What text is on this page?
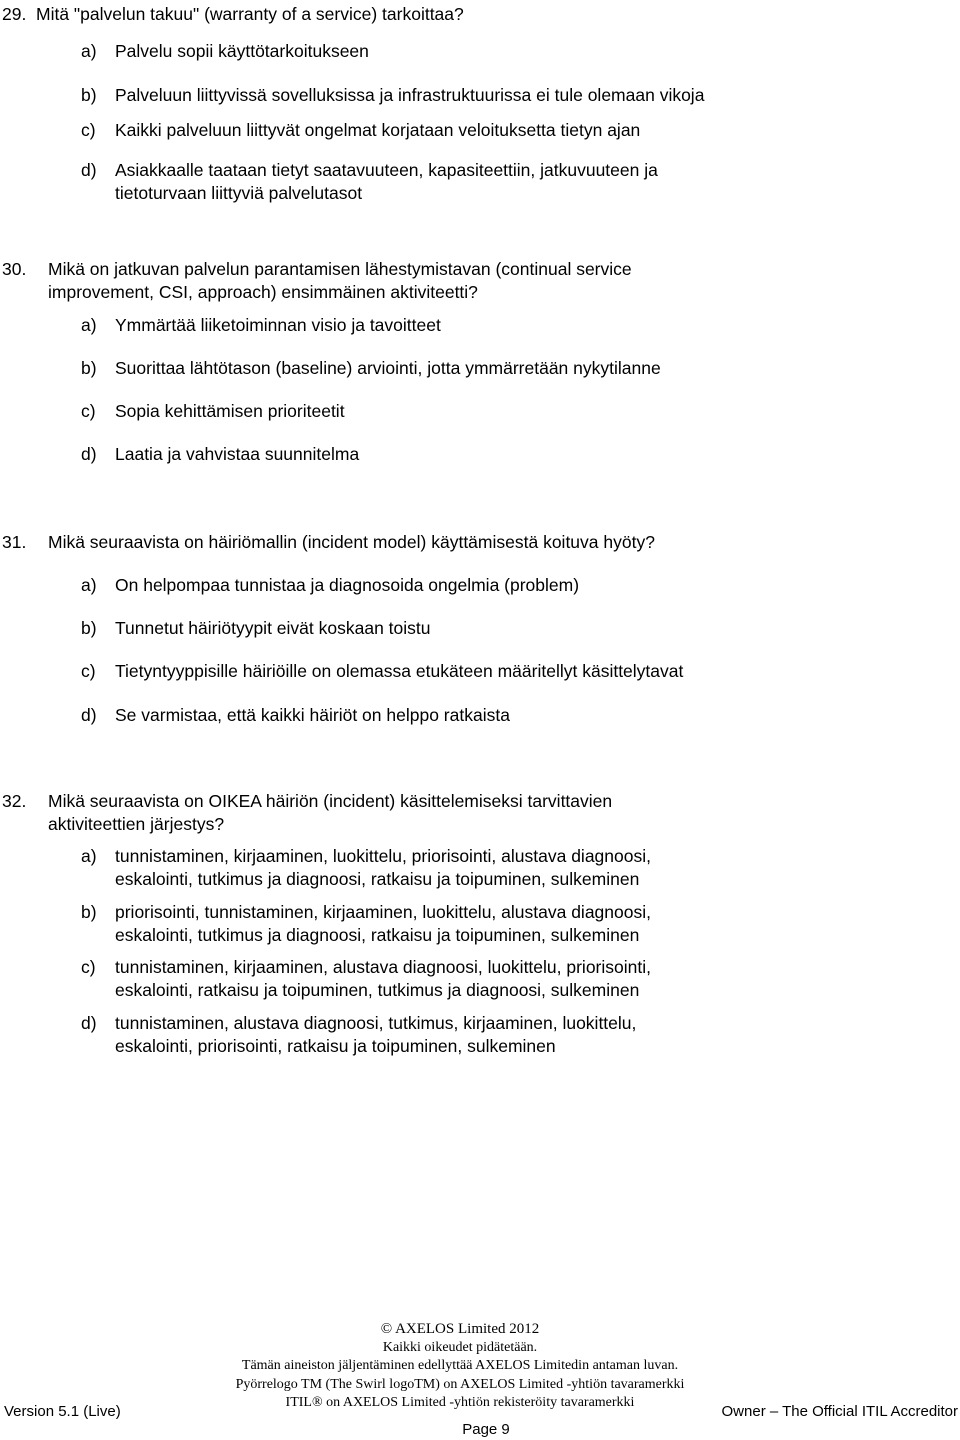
29. Mitä "palvelun takuu" (warranty of a service) tarkoittaa?
a) Palvelu sopii käyttötarkoitukseen
b) Palveluun liittyvissä sovelluksissa ja infrastruktuurissa ei tule olemaan vikoja
c) Kaikki palveluun liittyvät ongelmat korjataan veloituksetta tietyn ajan
d) Asiakkaalle taataan tietyt saatavuuteen, kapasiteettiin, jatkuvuuteen ja tietoturvaan liittyviä palvelutasot
30. Mikä on jatkuvan palvelun parantamisen lähestymistavan (continual service improvement, CSI, approach) ensimmäinen aktiviteetti?
a) Ymmärtää liiketoiminnan visio ja tavoitteet
b) Suorittaa lähtötason (baseline) arviointi, jotta ymmärretään nykytilanne
c) Sopia kehittämisen prioriteetit
d) Laatia ja vahvistaa suunnitelma
31. Mikä seuraavista on häiriömallin (incident model) käyttämisestä koituva hyöty?
a) On helpompaa tunnistaa ja diagnosoida ongelmia (problem)
b) Tunnetut häiriötyypit eivät koskaan toistu
c) Tietyntyyppisille häiriöille on olemassa etukäteen määritellyt käsittelytavat
d) Se varmistaa, että kaikki häiriöt on helppo ratkaista
32. Mikä seuraavista on OIKEA häiriön (incident) käsittelemiseksi tarvittavien aktiviteettien järjestys?
a) tunnistaminen, kirjaaminen, luokittelu, priorisointi, alustava diagnoosi, eskalointi, tutkimus ja diagnoosi, ratkaisu ja toipuminen, sulkeminen
b) priorisointi, tunnistaminen, kirjaaminen, luokittelu, alustava diagnoosi, eskalointi, tutkimus ja diagnoosi, ratkaisu ja toipuminen, sulkeminen
c) tunnistaminen, kirjaaminen, alustava diagnoosi, luokittelu, priorisointi, eskalointi, ratkaisu ja toipuminen, tutkimus ja diagnoosi, sulkeminen
d) tunnistaminen, alustava diagnoosi, tutkimus, kirjaaminen, luokittelu, eskalointi, priorisointi, ratkaisu ja toipuminen, sulkeminen
© AXELOS Limited 2012
Kaikki oikeudet pidätetään.
Tämän aineiston jäljentäminen edellyttää AXELOS Limitedin antaman luvan.
Pyörrelogo TM (The Swirl logoTM) on AXELOS Limited -yhtiön tavaramerkki
ITIL® on AXELOS Limited -yhtiön rekisteröity tavaramerkki
Version 5.1 (Live)	Owner – The Official ITIL Accreditor
Page 9
